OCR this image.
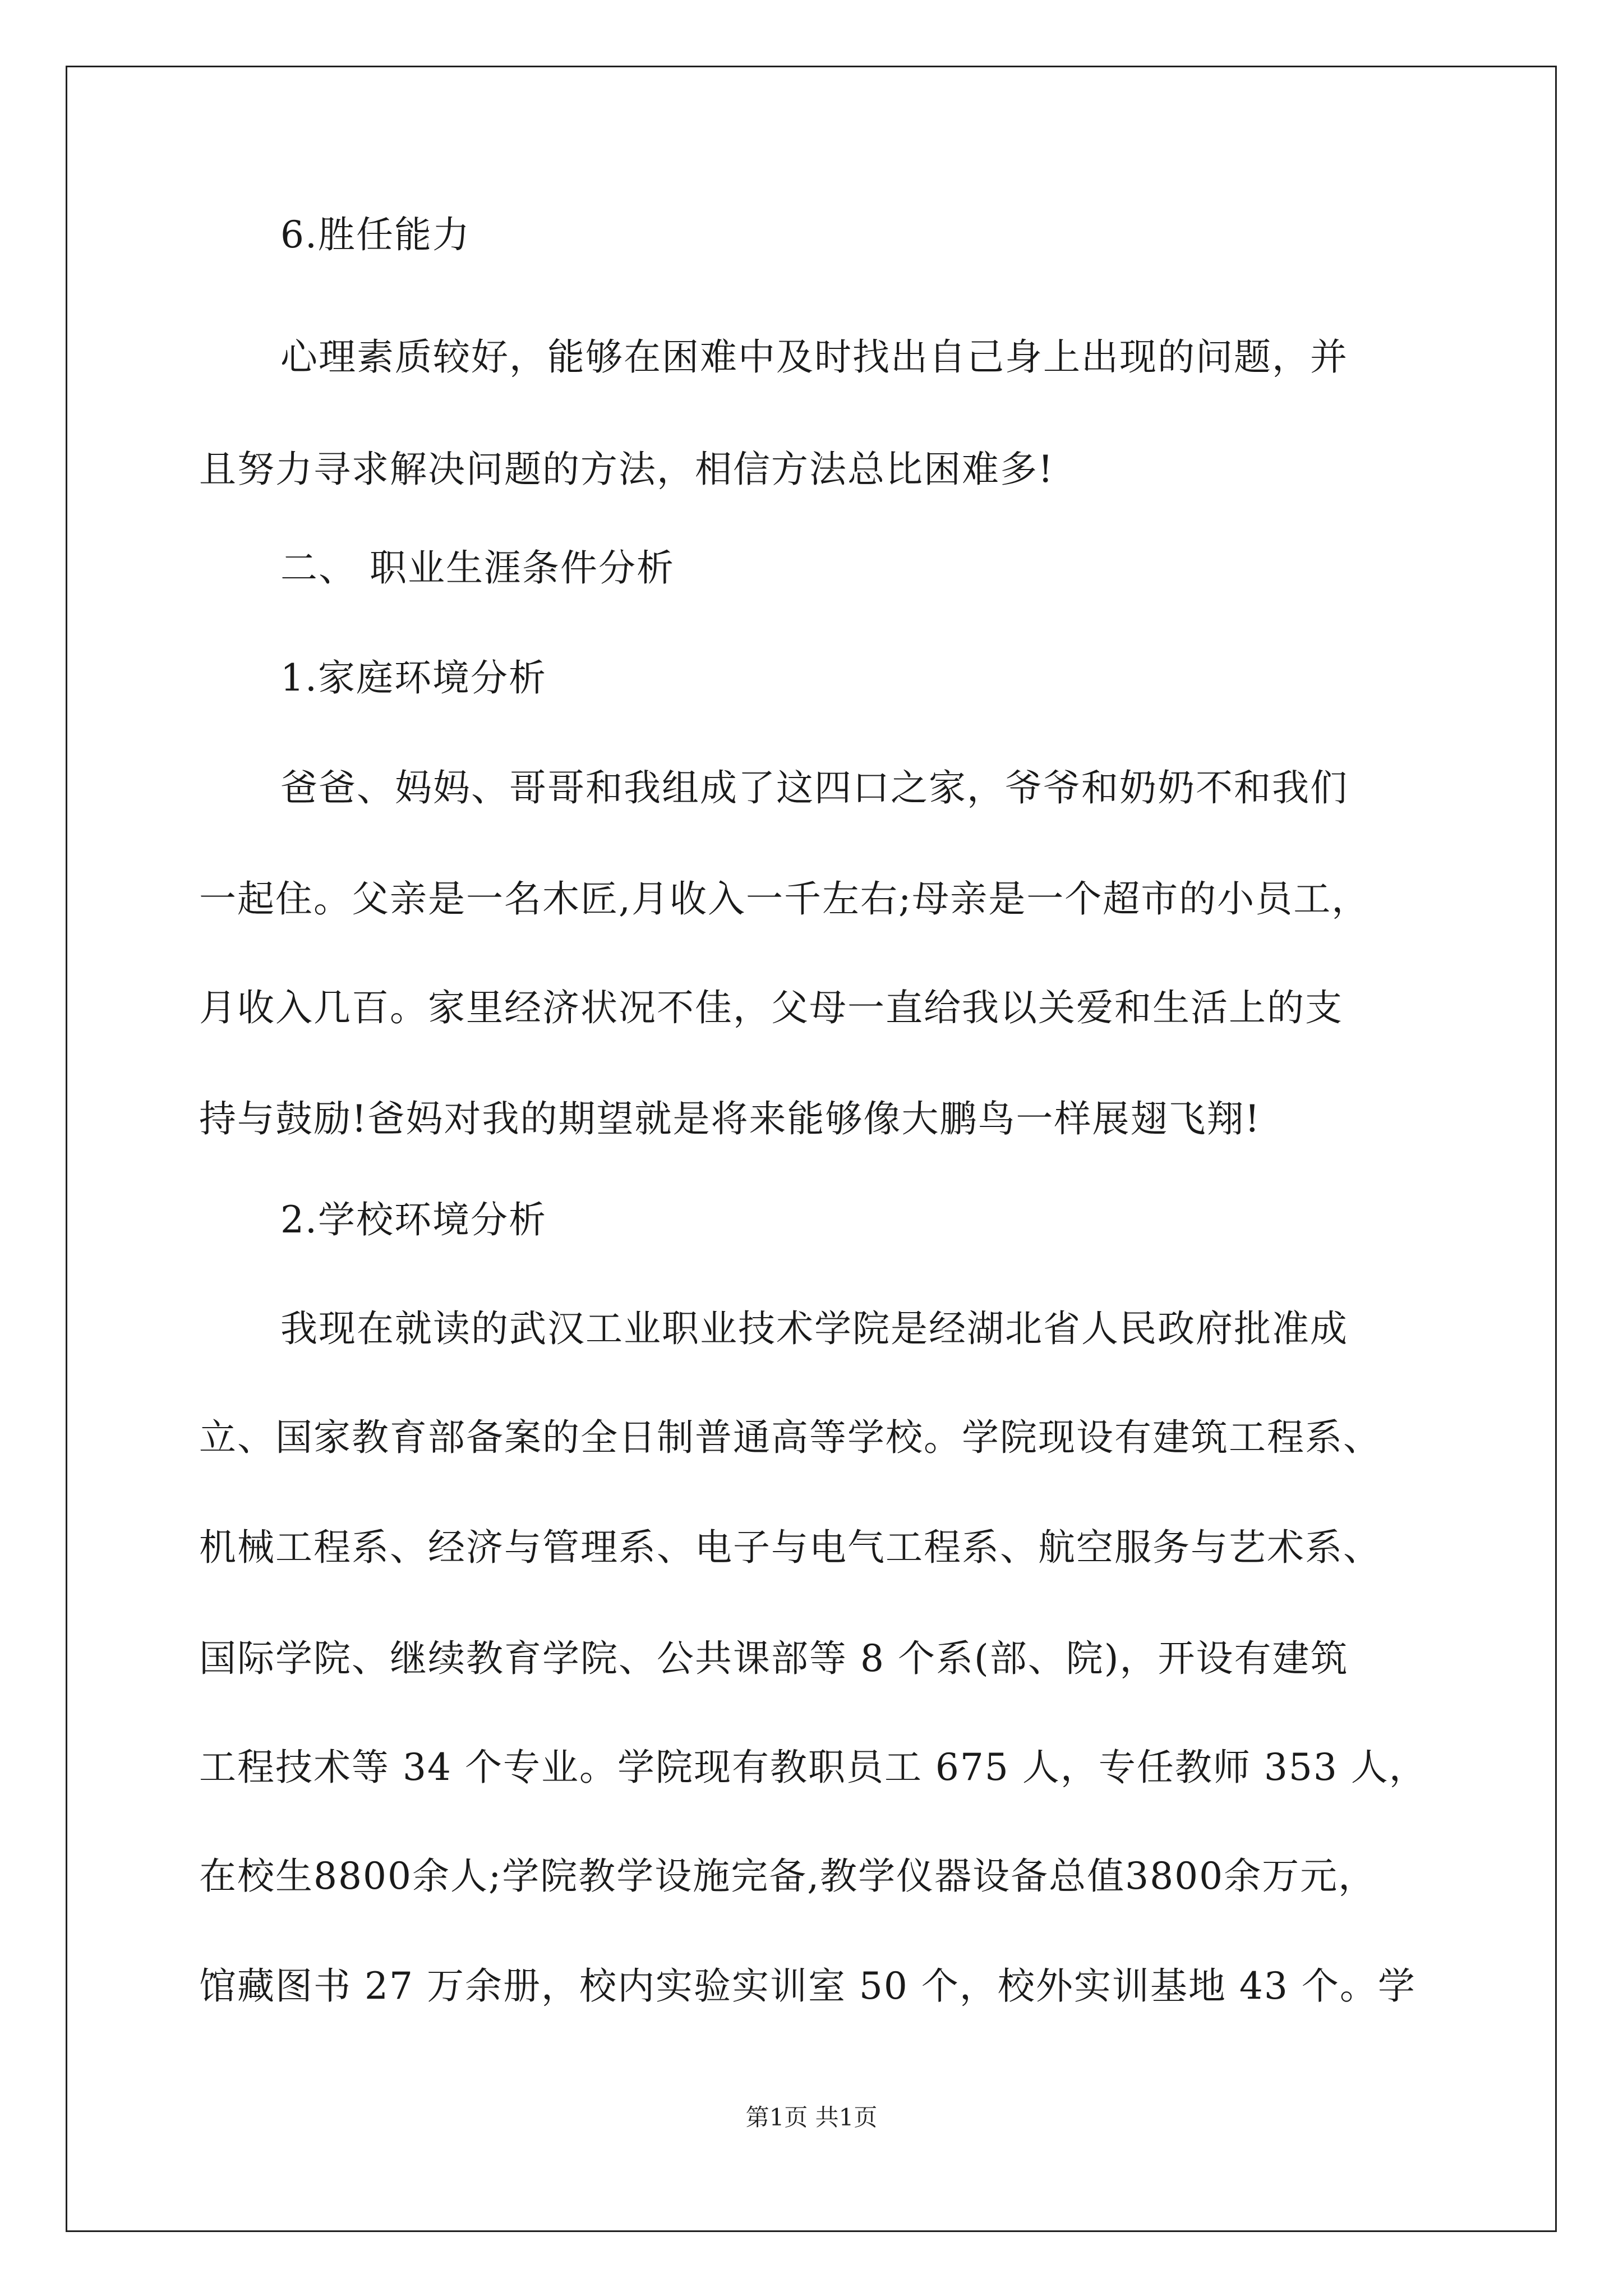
6.胜任能力
心理素质较好，能够在困难中及时找出自己身上出现的问题，并
且努力寻求解决问题的方法，相信方法总比困难多!
二、 职业生涯条件分析
1.家庭环境分析
爸爸、妈妈、哥哥和我组成了这四口之家，爷爷和奶奶不和我们
一起住。父亲是一名木匠,月收入一千左右;母亲是一个超市的小员工，
月收入几百。家里经济状况不佳，父母一直给我以关爱和生活上的支
持与鼓励!爸妈对我的期望就是将来能够像大鹏鸟一样展翅飞翔!
2.学校环境分析
我现在就读的武汉工业职业技术学院是经湖北省人民政府批准成
立、国家教育部备案的全日制普通高等学校。学院现设有建筑工程系、
机械工程系、经济与管理系、电子与电气工程系、航空服务与艺术系、
国际学院、继续教育学院、公共课部等 8 个系(部、院)，开设有建筑
工程技术等 34 个专业。学院现有教职员工 675 人，专任教师 353 人，
在校生8800余人;学院教学设施完备,教学仪器设备总值3800余万元，
馆藏图书 27 万余册，校内实验实训室 50 个，校外实训基地 43 个。学
第1页 共1页
